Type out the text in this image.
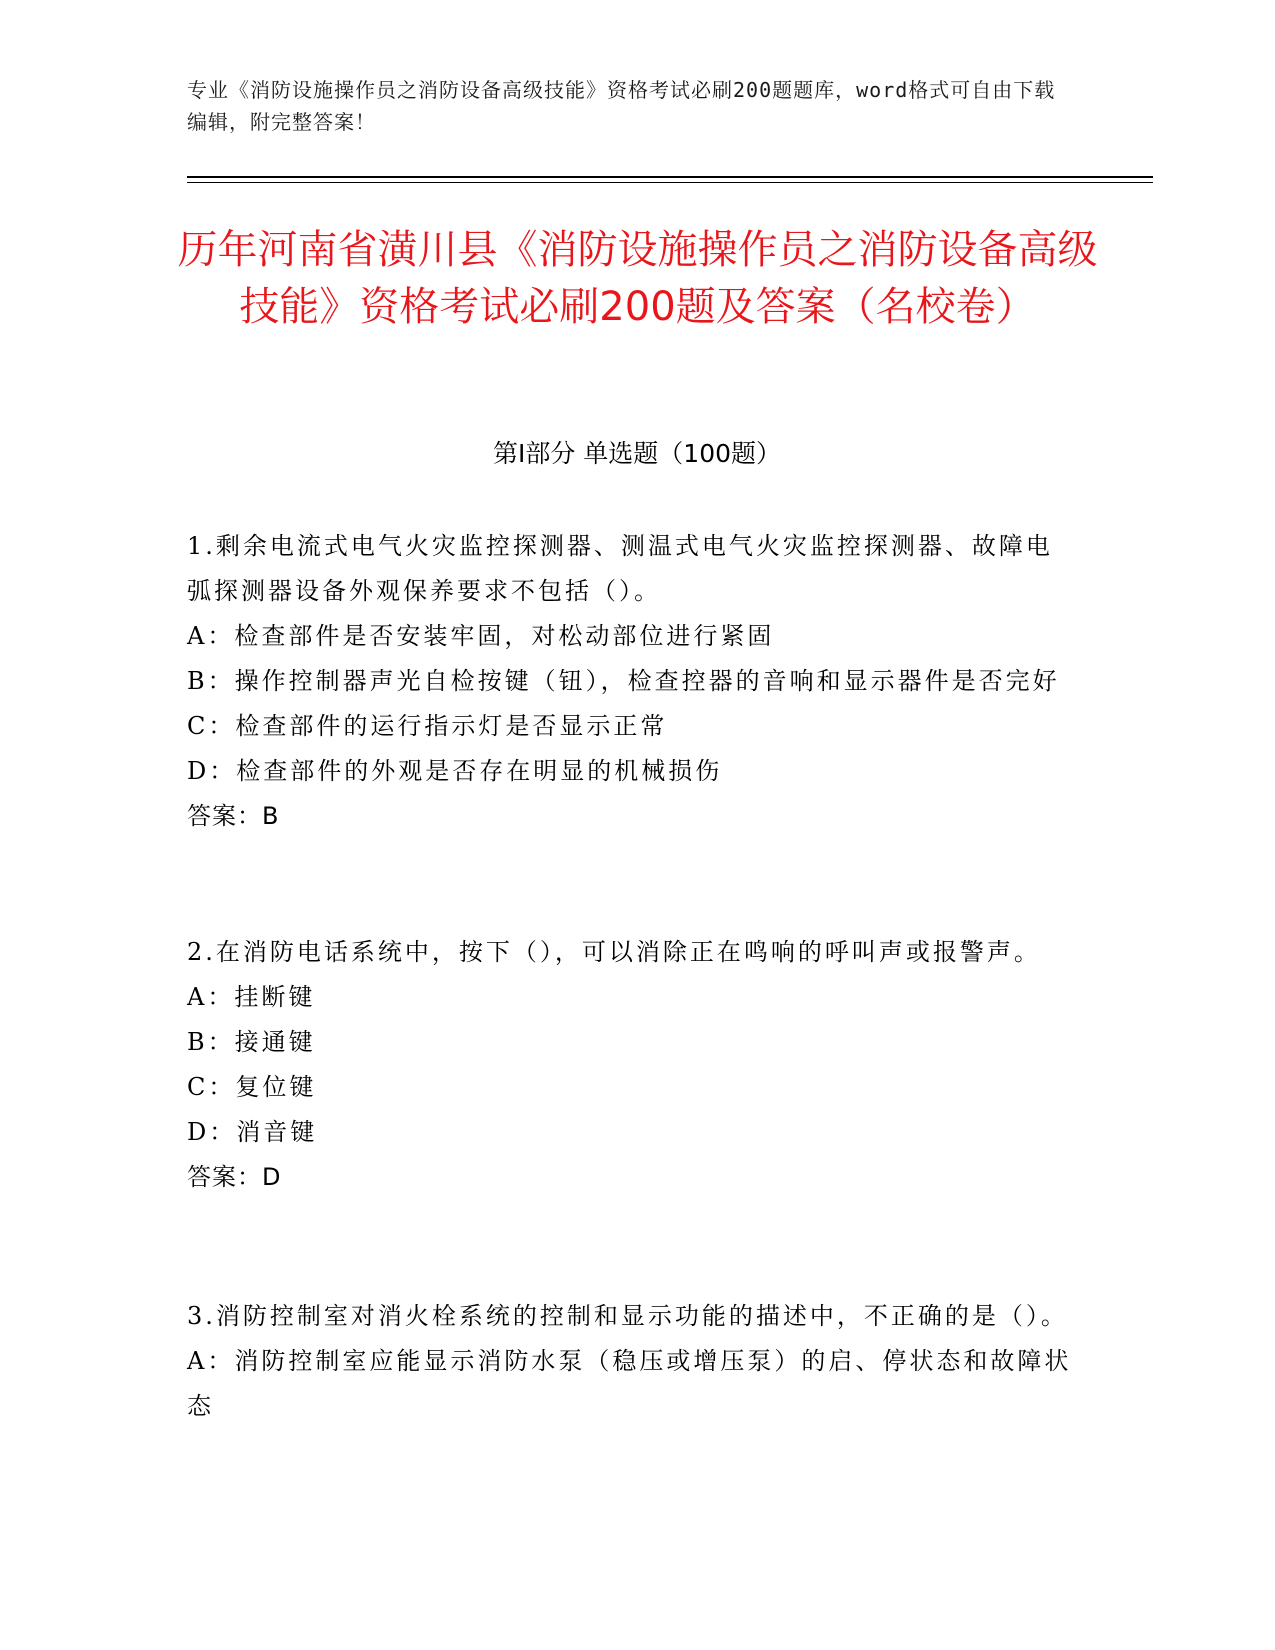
专业《消防设施操作员之消防设备高级技能》资格考试必刷200题题库，word格式可自由下载编辑，附完整答案！
历年河南省潢川县《消防设施操作员之消防设备高级技能》资格考试必刷200题及答案（名校卷）
第Ⅰ部分 单选题（100题）
1.剩余电流式电气火灾监控探测器、测温式电气火灾监控探测器、故障电弧探测器设备外观保养要求不包括（）。
A：检查部件是否安装牢固，对松动部位进行紧固
B：操作控制器声光自检按键（钮），检查控器的音响和显示器件是否完好
C：检查部件的运行指示灯是否显示正常
D：检查部件的外观是否存在明显的机械损伤
答案：B
2.在消防电话系统中，按下（），可以消除正在鸣响的呼叫声或报警声。
A：挂断键
B：接通键
C：复位键
D：消音键
答案：D
3.消防控制室对消火栓系统的控制和显示功能的描述中，不正确的是（）。
A：消防控制室应能显示消防水泵（稳压或增压泵）的启、停状态和故障状态
